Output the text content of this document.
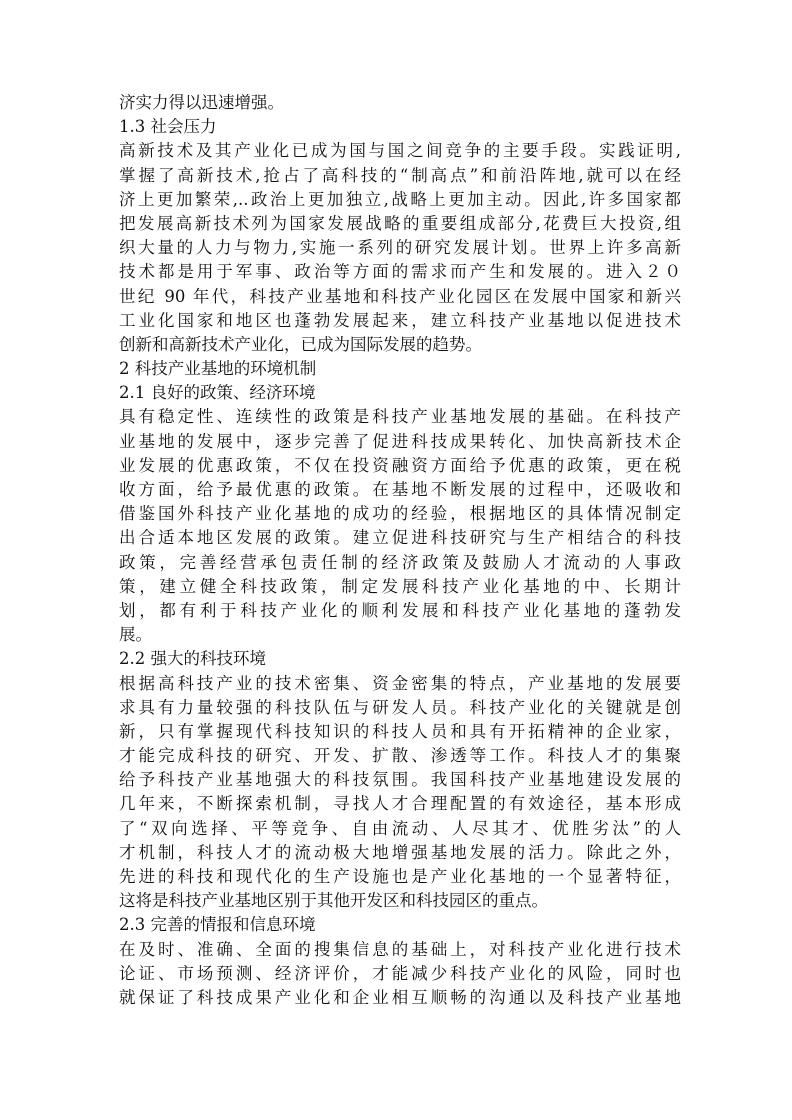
济实力得以迅速增强。
1.3 社会压力
高新技术及其产业化已成为国与国之间竞争的主要手段。实践证明,
掌握了高新技术,抢占了高科技的“制高点”和前沿阵地,就可以在经
济上更加繁荣,..政治上更加独立,战略上更加主动。因此,许多国家都
把发展高新技术列为国家发展战略的重要组成部分,花费巨大投资,组
织大量的人力与物力,实施一系列的研究发展计划。世界上许多高新
技术都是用于军事、政治等方面的需求而产生和发展的。进入２０
世纪 90 年代，科技产业基地和科技产业化园区在发展中国家和新兴
工业化国家和地区也蓬勃发展起来，建立科技产业基地以促进技术
创新和高新技术产业化，已成为国际发展的趋势。
2 科技产业基地的环境机制
2.1 良好的政策、经济环境
具有稳定性、连续性的政策是科技产业基地发展的基础。在科技产
业基地的发展中，逐步完善了促进科技成果转化、加快高新技术企
业发展的优惠政策，不仅在投资融资方面给予优惠的政策，更在税
收方面，给予最优惠的政策。在基地不断发展的过程中，还吸收和
借鉴国外科技产业化基地的成功的经验，根据地区的具体情况制定
出合适本地区发展的政策。建立促进科技研究与生产相结合的科技
政策，完善经营承包责任制的经济政策及鼓励人才流动的人事政
策，建立健全科技政策，制定发展科技产业化基地的中、长期计
划，都有利于科技产业化的顺利发展和科技产业化基地的蓬勃发
展。
2.2 强大的科技环境
根据高科技产业的技术密集、资金密集的特点，产业基地的发展要
求具有力量较强的科技队伍与研发人员。科技产业化的关键就是创
新，只有掌握现代科技知识的科技人员和具有开拓精神的企业家，
才能完成科技的研究、开发、扩散、渗透等工作。科技人才的集聚
给予科技产业基地强大的科技氛围。我国科技产业基地建设发展的
几年来，不断探索机制，寻找人才合理配置的有效途径，基本形成
了“双向选择、平等竞争、自由流动、人尽其才、优胜劣汰”的人
才机制，科技人才的流动极大地增强基地发展的活力。除此之外，
先进的科技和现代化的生产设施也是产业化基地的一个显著特征，
这将是科技产业基地区别于其他开发区和科技园区的重点。
2.3 完善的情报和信息环境
在及时、准确、全面的搜集信息的基础上，对科技产业化进行技术
论证、市场预测、经济评价，才能减少科技产业化的风险，同时也
就保证了科技成果产业化和企业相互顺畅的沟通以及科技产业基地
